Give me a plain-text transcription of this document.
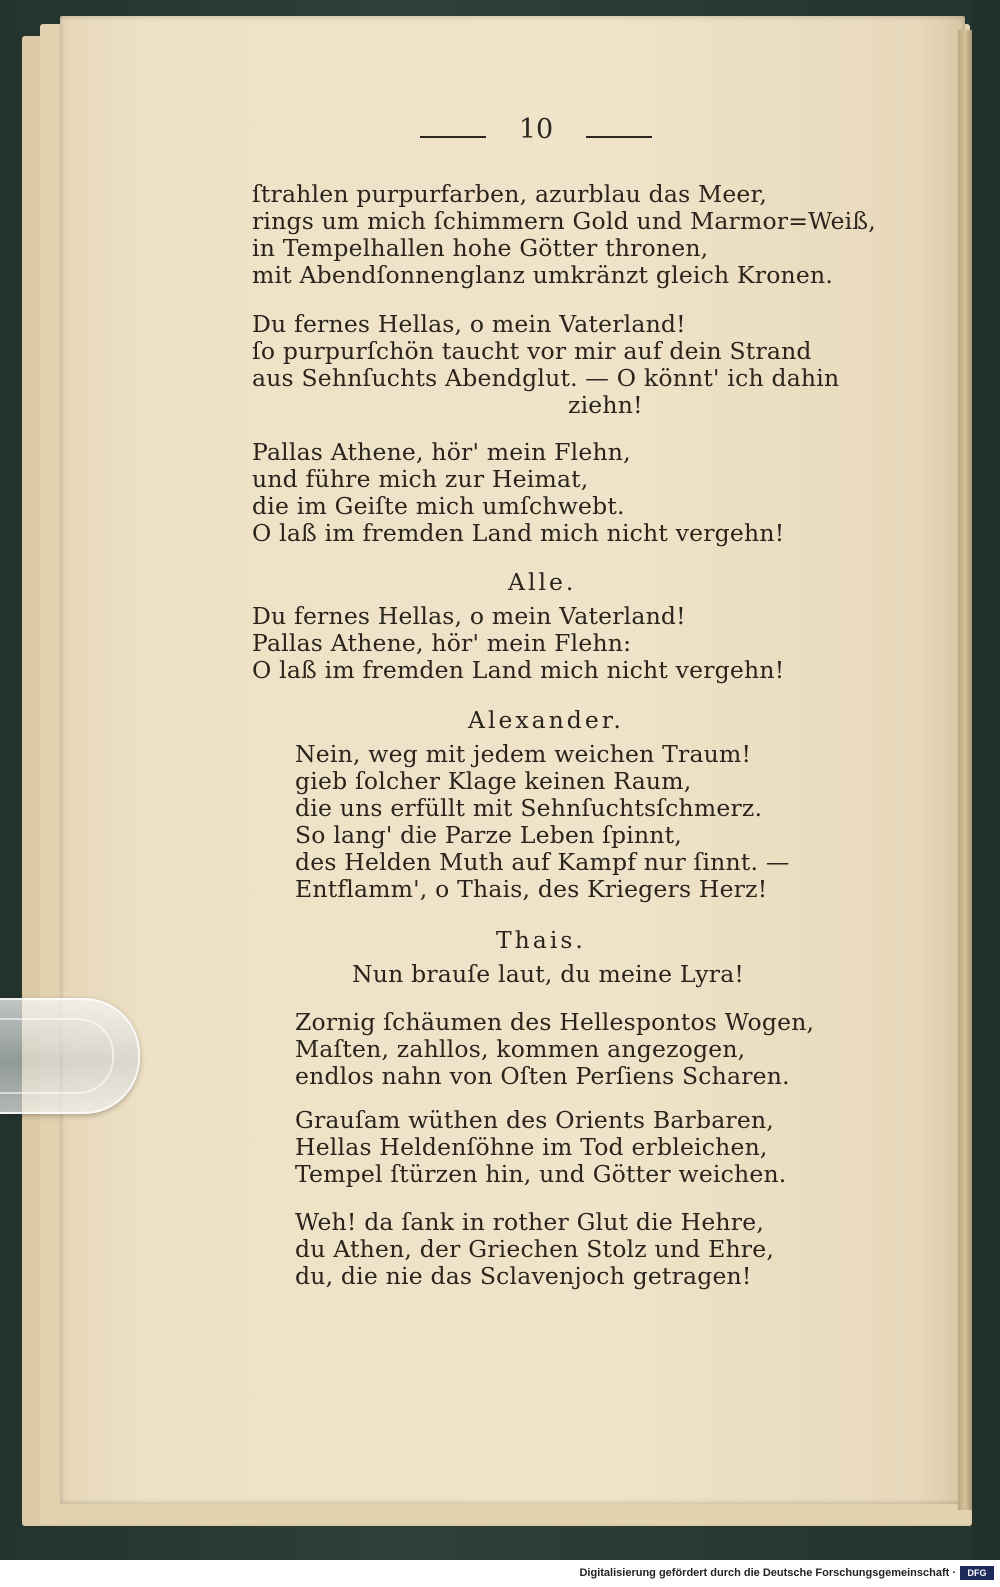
10
ſtrahlen purpurfarben, azurblau das Meer,
rings um mich ſchimmern Gold und Marmor=Weiß,
in Tempelhallen hohe Götter thronen,
mit Abendſonnenglanz umkränzt gleich Kronen.
Du fernes Hellas, o mein Vaterland!
ſo purpurſchön taucht vor mir auf dein Strand
aus Sehnſuchts Abendglut. — O könnt' ich dahin
ziehn!
Pallas Athene, hör' mein Flehn,
und führe mich zur Heimat,
die im Geiſte mich umſchwebt.
O laß im fremden Land mich nicht vergehn!
Alle.
Du fernes Hellas, o mein Vaterland!
Pallas Athene, hör' mein Flehn:
O laß im fremden Land mich nicht vergehn!
Alexander.
Nein, weg mit jedem weichen Traum!
gieb ſolcher Klage keinen Raum,
die uns erfüllt mit Sehnſuchtsſchmerz.
So lang' die Parze Leben ſpinnt,
des Helden Muth auf Kampf nur ſinnt. —
Entflamm', o Thais, des Kriegers Herz!
Thais.
Nun brauſe laut, du meine Lyra!
Zornig ſchäumen des Hellespontos Wogen,
Maſten, zahllos, kommen angezogen,
endlos nahn von Oſten Perſiens Scharen.
Grauſam wüthen des Orients Barbaren,
Hellas Heldenſöhne im Tod erbleichen,
Tempel ſtürzen hin, und Götter weichen.
Weh! da ſank in rother Glut die Hehre,
du Athen, der Griechen Stolz und Ehre,
du, die nie das Sclavenjoch getragen!
Digitalisierung gefördert durch die Deutsche Forschungsgemeinschaft ·	DFG
